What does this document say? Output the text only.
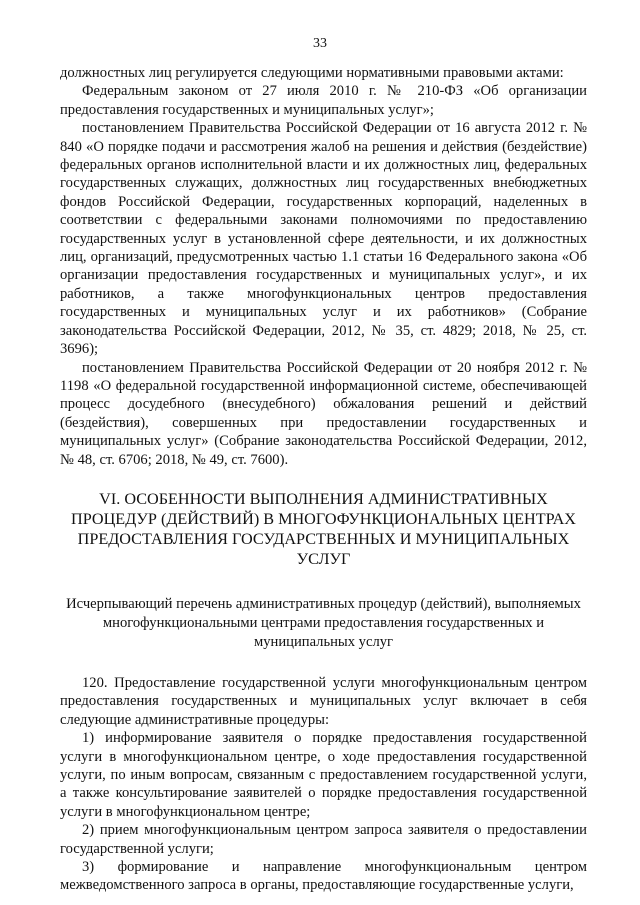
33

должностных лиц регулируется следующими нормативными правовыми актами:

Федеральным законом от 27 июля 2010 г. № 210-ФЗ «Об организации предоставления государственных и муниципальных услуг»;

постановлением Правительства Российской Федерации от 16 августа 2012 г. № 840 «О порядке подачи и рассмотрения жалоб на решения и действия (бездействие) федеральных органов исполнительной власти и их должностных лиц, федеральных государственных служащих, должностных лиц государственных внебюджетных фондов Российской Федерации, государственных корпораций, наделенных в соответствии с федеральными законами полномочиями по предоставлению государственных услуг в установленной сфере деятельности, и их должностных лиц, организаций, предусмотренных частью 1.1 статьи 16 Федерального закона «Об организации предоставления государственных и муниципальных услуг», и их работников, а также многофункциональных центров предоставления государственных и муниципальных услуг и их работников» (Собрание законодательства Российской Федерации, 2012, № 35, ст. 4829; 2018, № 25, ст. 3696);

постановлением Правительства Российской Федерации от 20 ноября 2012 г. № 1198 «О федеральной государственной информационной системе, обеспечивающей процесс досудебного (внесудебного) обжалования решений и действий (бездействия), совершенных при предоставлении государственных и муниципальных услуг» (Собрание законодательства Российской Федерации, 2012, № 48, ст. 6706; 2018, № 49, ст. 7600).

VI. ОСОБЕННОСТИ ВЫПОЛНЕНИЯ АДМИНИСТРАТИВНЫХ ПРОЦЕДУР (ДЕЙСТВИЙ) В МНОГОФУНКЦИОНАЛЬНЫХ ЦЕНТРАХ ПРЕДОСТАВЛЕНИЯ ГОСУДАРСТВЕННЫХ И МУНИЦИПАЛЬНЫХ УСЛУГ

Исчерпывающий перечень административных процедур (действий), выполняемых многофункциональными центрами предоставления государственных и муниципальных услуг

120. Предоставление государственной услуги многофункциональным центром предоставления государственных и муниципальных услуг включает в себя следующие административные процедуры:

1) информирование заявителя о порядке предоставления государственной услуги в многофункциональном центре, о ходе предоставления государственной услуги, по иным вопросам, связанным с предоставлением государственной услуги, а также консультирование заявителей о порядке предоставления государственной услуги в многофункциональном центре;

2) прием многофункциональным центром запроса заявителя о предоставлении государственной услуги;

3) формирование и направление многофункциональным центром межведомственного запроса в органы, предоставляющие государственные услуги,
